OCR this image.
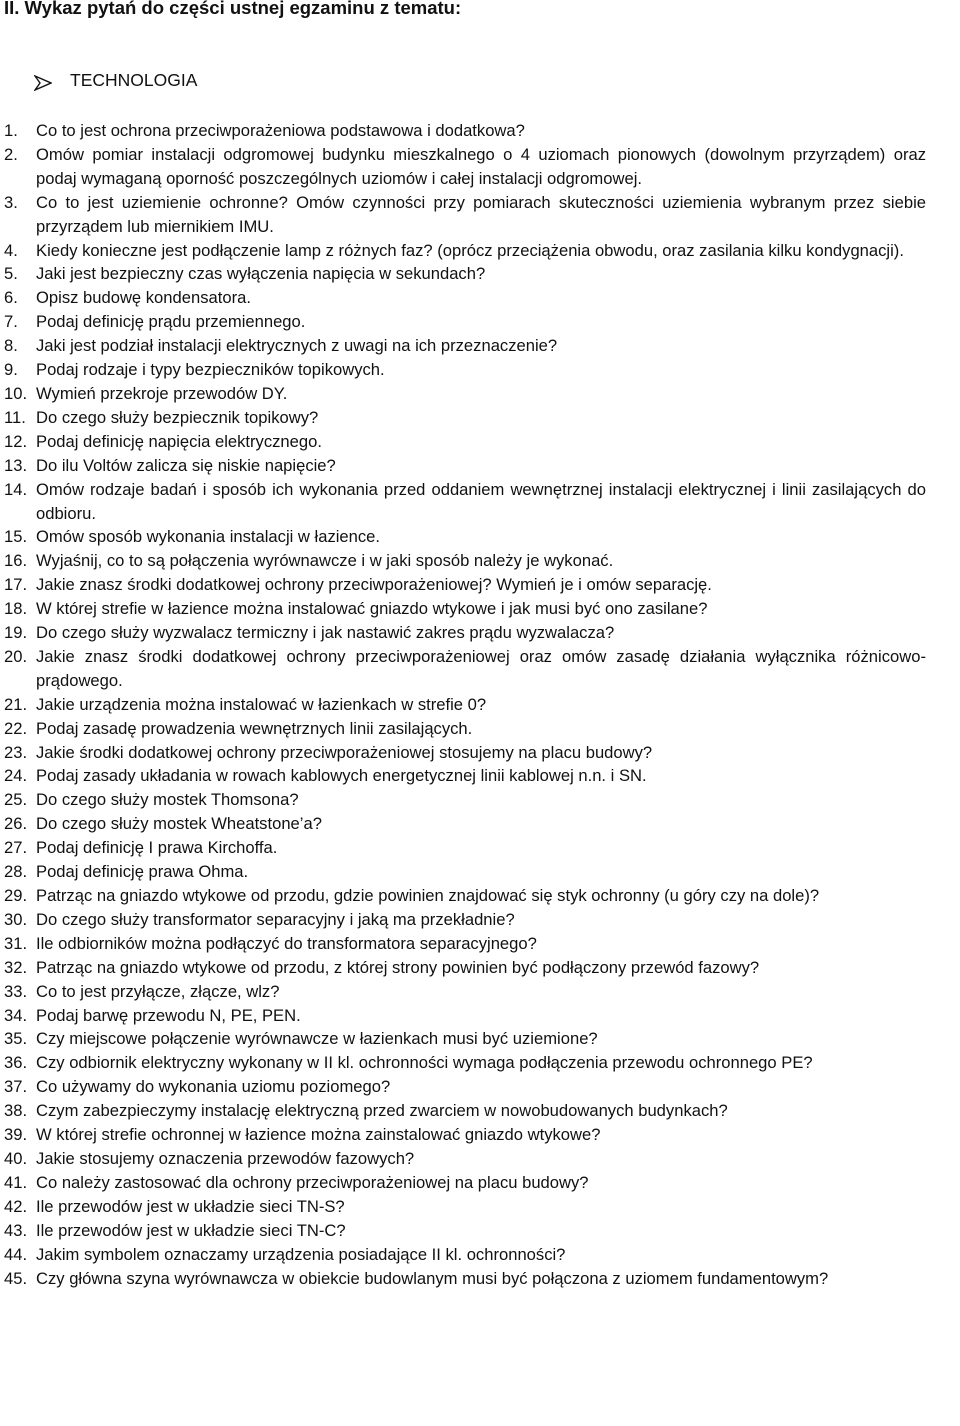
II. Wykaz pytań do części ustnej egzaminu z tematu:
TECHNOLOGIA
1.	Co to jest ochrona przeciwporażeniowa podstawowa i dodatkowa?
2.	Omów pomiar instalacji odgromowej budynku mieszkalnego o 4 uziomach pionowych (dowolnym przyrządem) oraz podaj wymaganą oporność poszczególnych uziomów i całej instalacji odgromowej.
3.	Co to jest uziemienie ochronne? Omów czynności przy pomiarach skuteczności uziemienia wybranym przez siebie przyrządem lub miernikiem IMU.
4.	Kiedy konieczne jest podłączenie lamp z różnych faz? (oprócz przeciążenia obwodu, oraz zasilania kilku kondygnacji).
5.	Jaki jest bezpieczny czas wyłączenia napięcia w sekundach?
6.	Opisz budowę kondensatora.
7.	Podaj definicję prądu przemiennego.
8.	Jaki jest podział instalacji elektrycznych z uwagi na ich przeznaczenie?
9.	Podaj rodzaje i typy bezpieczników topikowych.
10. Wymień przekroje przewodów DY.
11. Do czego służy bezpiecznik topikowy?
12. Podaj definicję napięcia elektrycznego.
13. Do ilu Voltów zalicza się niskie napięcie?
14. Omów rodzaje badań i sposób ich wykonania przed oddaniem wewnętrznej instalacji elektrycznej i linii zasilających do odbioru.
15. Omów sposób wykonania instalacji w łazience.
16. Wyjaśnij, co to są połączenia wyrównawcze i w jaki sposób należy je wykonać.
17. Jakie znasz środki dodatkowej ochrony przeciwporażeniowej? Wymień je i omów separację.
18. W której strefie w łazience można instalować gniazdo wtykowe i jak musi być ono zasilane?
19. Do czego służy wyzwalacz termiczny i jak nastawić zakres prądu wyzwalacza?
20. Jakie znasz środki dodatkowej ochrony przeciwporażeniowej oraz omów zasadę działania wyłącznika różnicowo-prądowego.
21. Jakie urządzenia można instalować w łazienkach w strefie 0?
22. Podaj zasadę prowadzenia wewnętrznych linii zasilających.
23. Jakie środki dodatkowej ochrony przeciwporażeniowej stosujemy na placu budowy?
24. Podaj zasady układania w rowach kablowych energetycznej linii kablowej n.n. i SN.
25. Do czego służy mostek Thomsona?
26. Do czego służy mostek Wheatstone’a?
27. Podaj definicję I prawa Kirchoffa.
28. Podaj definicję prawa Ohma.
29. Patrząc na gniazdo wtykowe od przodu, gdzie powinien znajdować się styk ochronny (u góry czy na dole)?
30. Do czego służy transformator separacyjny i jaką ma przekładnie?
31. Ile odbiorników można podłączyć do transformatora separacyjnego?
32. Patrząc na gniazdo wtykowe od przodu, z której strony powinien być podłączony przewód fazowy?
33. Co to jest przyłącze, złącze, wlz?
34. Podaj barwę przewodu N, PE, PEN.
35. Czy miejscowe połączenie wyrównawcze w łazienkach musi być uziemione?
36. Czy odbiornik elektryczny wykonany w II kl. ochronności wymaga podłączenia przewodu ochronnego PE?
37. Co używamy do wykonania uziomu poziomego?
38. Czym zabezpieczymy instalację elektryczną przed zwarciem w nowobudowanych budynkach?
39. W której strefie ochronnej w łazience można zainstalować gniazdo wtykowe?
40. Jakie stosujemy oznaczenia przewodów fazowych?
41. Co należy zastosować dla ochrony przeciwporażeniowej na placu budowy?
42. Ile przewodów jest w układzie sieci TN-S?
43. Ile przewodów jest w układzie sieci TN-C?
44. Jakim symbolem oznaczamy urządzenia posiadające II kl. ochronności?
45. Czy główna szyna wyrównawcza w obiekcie budowlanym musi być połączona z uziomem fundamentowym?
